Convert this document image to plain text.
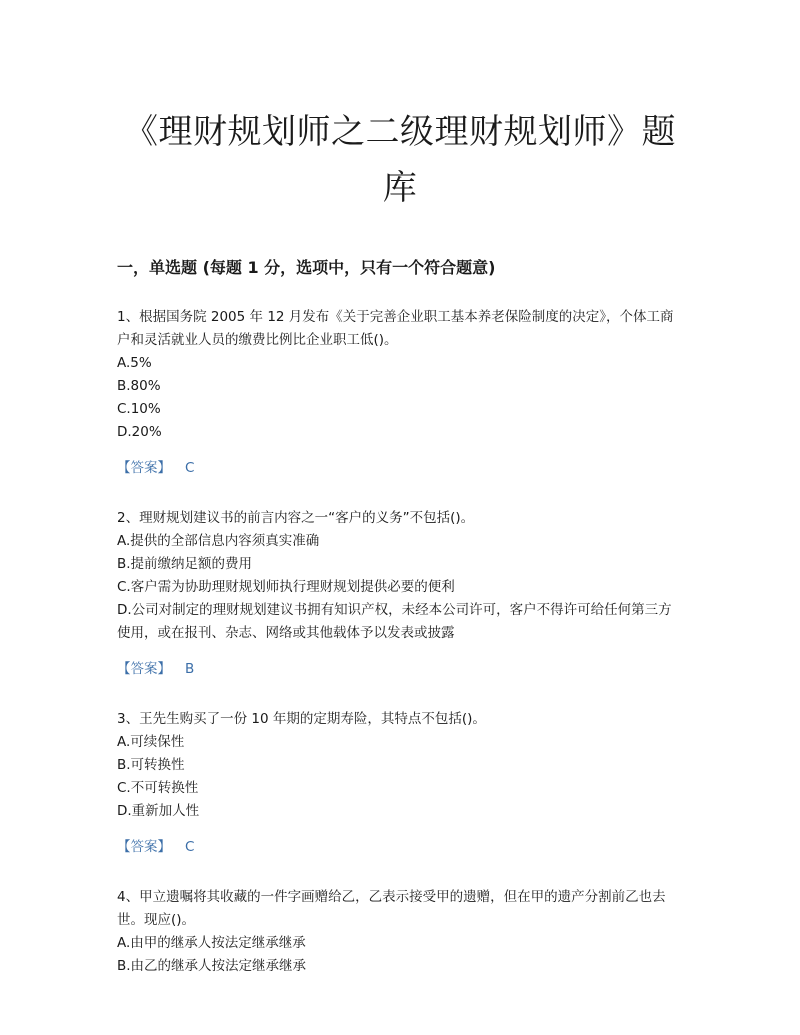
《理财规划师之二级理财规划师》题库
一，单选题 (每题 1 分，选项中，只有一个符合题意)
1、根据国务院 2005 年 12 月发布《关于完善企业职工基本养老保险制度的决定》，个体工商户和灵活就业人员的缴费比例比企业职工低()。
A.5%
B.80%
C.10%
D.20%
【答案】 C
2、理财规划建议书的前言内容之一“客户的义务”不包括()。
A.提供的全部信息内容须真实准确
B.提前缴纳足额的费用
C.客户需为协助理财规划师执行理财规划提供必要的便利
D.公司对制定的理财规划建议书拥有知识产权，未经本公司许可，客户不得许可给任何第三方使用，或在报刊、杂志、网络或其他载体予以发表或披露
【答案】 B
3、王先生购买了一份 10 年期的定期寿险，其特点不包括()。
A.可续保性
B.可转换性
C.不可转换性
D.重新加人性
【答案】 C
4、甲立遗嘱将其收藏的一件字画赠给乙，乙表示接受甲的遗赠，但在甲的遗产分割前乙也去世。现应()。
A.由甲的继承人按法定继承继承
B.由乙的继承人按法定继承继承
